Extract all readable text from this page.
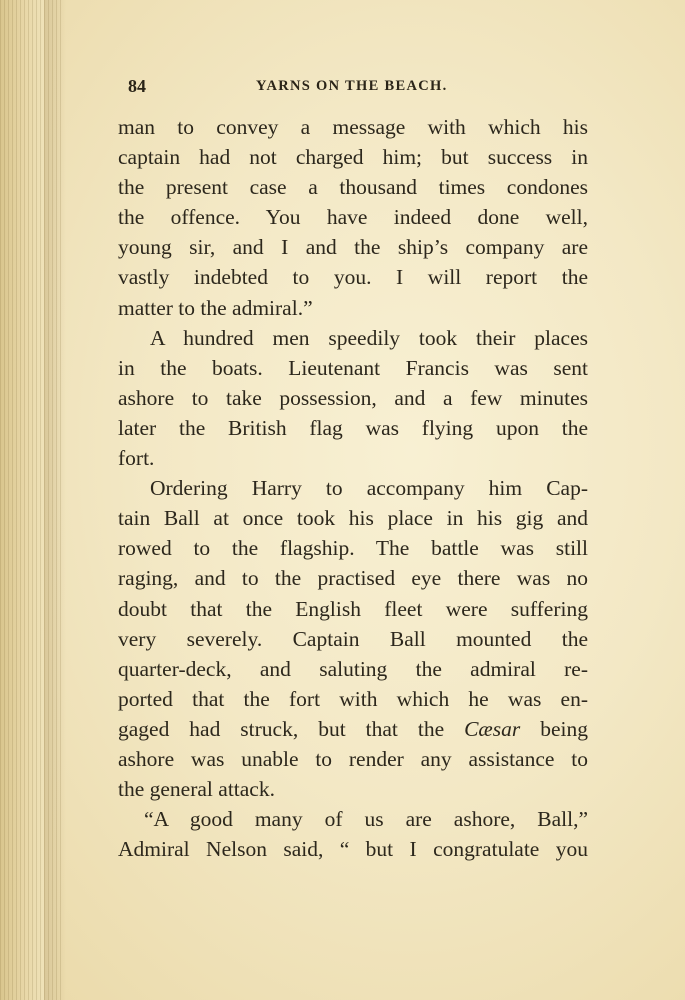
84	YARNS ON THE BEACH.
man to convey a message with which his
captain had not charged him; but success in
the present case a thousand times condones
the offence. You have indeed done well,
young sir, and I and the ship’s company are
vastly indebted to you. I will report the
matter to the admiral.”
A hundred men speedily took their places
in the boats. Lieutenant Francis was sent
ashore to take possession, and a few minutes
later the British flag was flying upon the
fort.
Ordering Harry to accompany him Cap-
tain Ball at once took his place in his gig and
rowed to the flagship. The battle was still
raging, and to the practised eye there was no
doubt that the English fleet were suffering
very severely. Captain Ball mounted the
quarter-deck, and saluting the admiral re-
ported that the fort with which he was en-
gaged had struck, but that the Cæsar being
ashore was unable to render any assistance to
the general attack.
“A good many of us are ashore, Ball,”
Admiral Nelson said, “ but I congratulate you
